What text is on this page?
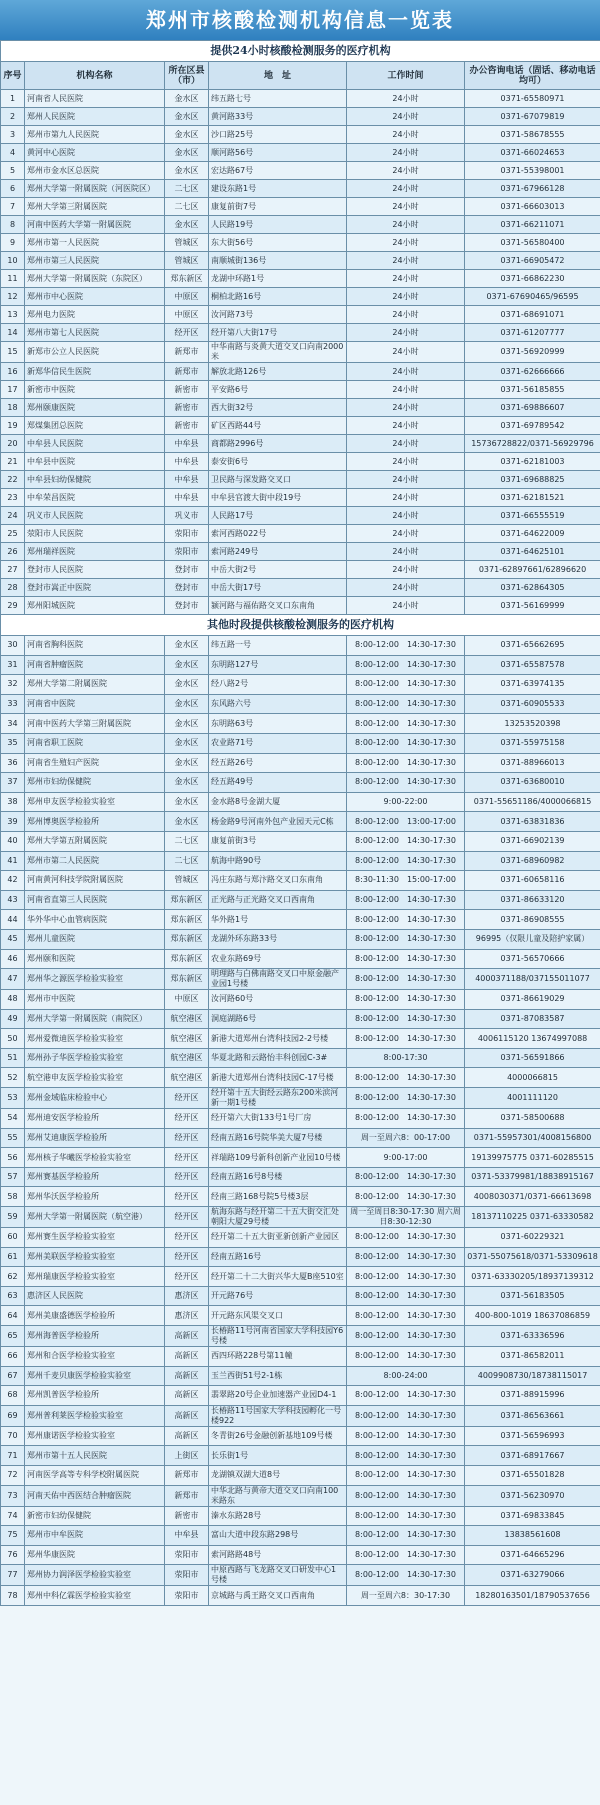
郑州市核酸检测机构信息一览表
提供24小时核酸检测服务的医疗机构					
序号	机构名称	所在区县（市）	地　址	工作时间	办公咨询电话（固话、移动电话均可）
1	河南省人民医院	金水区	纬五路七号	24小时	0371-65580971
2	郑州人民医院	金水区	黄河路33号	24小时	0371-67079819
3	郑州市第九人民医院	金水区	沙口路25号	24小时	0371-58678555
4	黄河中心医院	金水区	顺河路56号	24小时	0371-66024653
5	郑州市金水区总医院	金水区	宏达路67号	24小时	0371-55398001
6	郑州大学第一附属医院（河医院区）	二七区	建设东路1号	24小时	0371-67966128
7	郑州大学第三附属医院	二七区	康复前街7号	24小时	0371-66603013
8	河南中医药大学第一附属医院	金水区	人民路19号	24小时	0371-66211071
9	郑州市第一人民医院	管城区	东大街56号	24小时	0371-56580400
10	郑州市第三人民医院	管城区	南顺城街136号	24小时	0371-66905472
11	郑州大学第一附属医院（东院区）	郑东新区	龙湖中环路1号	24小时	0371-66862230
12	郑州市中心医院	中原区	桐柏北路16号	24小时	0371-67690465/96595
13	郑州电力医院	中原区	汝河路73号	24小时	0371-68691071
14	郑州市第七人民医院	经开区	经开第八大街17号	24小时	0371-61207777
15	新郑市公立人民医院	新郑市	中华南路与炎黄大道交叉口向南2000米	24小时	0371-56920999
16	新郑华信民生医院	新郑市	解放北路126号	24小时	0371-62666666
17	新密市中医院	新密市	平安路6号	24小时	0371-56185855
18	郑州颐康医院	新密市	西大街32号	24小时	0371-69886607
19	郑煤集团总医院	新密市	矿区西路44号	24小时	0371-69789542
20	中牟县人民医院	中牟县	商都路2996号	24小时	15736728822/0371-56929796
21	中牟县中医院	中牟县	泰安街6号	24小时	0371-62181003
22	中牟县妇幼保健院	中牟县	卫民路与深发路交叉口	24小时	0371-69688825
23	中牟荣昌医院	中牟县	中牟县官渡大街中段19号	24小时	0371-62181521
24	巩义市人民医院	巩义市	人民路17号	24小时	0371-66555519
25	荥阳市人民医院	荥阳市	索河西路022号	24小时	0371-64622009
26	郑州瑞祥医院	荥阳市	索河路249号	24小时	0371-64625101
27	登封市人民医院	登封市	中岳大街2号	24小时	0371-62897661/62896620
28	登封市嵩正中医院	登封市	中岳大街17号	24小时	0371-62864305
29	郑州阳城医院	登封市	颍河路与福佑路交叉口东南角	24小时	0371-56169999
其他时段提供核酸检测服务的医疗机构					
30	河南省胸科医院	金水区	纬五路一号	8:00-12:00　14:30-17:30	0371-65662695
31	河南省肿瘤医院	金水区	东明路127号	8:00-12:00　14:30-17:30	0371-65587578
32	郑州大学第二附属医院	金水区	经八路2号	8:00-12:00　14:30-17:30	0371-63974135
33	河南省中医院	金水区	东风路六号	8:00-12:00　14:30-17:30	0371-60905533
34	河南中医药大学第三附属医院	金水区	东明路63号	8:00-12:00　14:30-17:30	13253520398
35	河南省职工医院	金水区	农业路71号	8:00-12:00　14:30-17:30	0371-55975158
36	河南省生殖妇产医院	金水区	经五路26号	8:00-12:00　14:30-17:30	0371-88966013
37	郑州市妇幼保健院	金水区	经五路49号	8:00-12:00　14:30-17:30	0371-63680010
38	郑州申友医学检验实验室	金水区	金水路8号金湖大厦	9:00-22:00	0371-55651186/4000066815
39	郑州博奥医学检验所	金水区	杨金路9号河南外包产业园天元C栋	8:00-12:00　13:00-17:00	0371-63831836
40	郑州大学第五附属医院	二七区	康复前街3号	8:00-12:00　14:30-17:30	0371-66902139
41	郑州市第二人民医院	二七区	航海中路90号	8:00-12:00　14:30-17:30	0371-68960982
42	河南黄河科技学院附属医院	管城区	冯庄东路与郑汴路交叉口东南角	8:30-11:30　15:00-17:00	0371-60658116
43	河南省直第三人民医院	郑东新区	正光路与正光路交叉口西南角	8:00-12:00　14:30-17:30	0371-86633120
44	华外华中心血管病医院	郑东新区	华外路1号	8:00-12:00　14:30-17:30	0371-86908555
45	郑州儿童医院	郑东新区	龙湖外环东路33号	8:00-12:00　14:30-17:30	96995（仅限儿童及陪护家属）
46	郑州颐和医院	郑东新区	农业东路69号	8:00-12:00　14:30-17:30	0371-56570666
47	郑州华之源医学检验实验室	郑东新区	明理路与白佛南路交叉口中原金融产业园1号楼	8:00-12:00　14:30-17:30	4000371188/037155011077
48	郑州市中医院	中原区	汝河路60号	8:00-12:00　14:30-17:30	0371-86619029
49	郑州大学第一附属医院（南院区）	航空港区	洞庭湖路6号	8:00-12:00　14:30-17:30	0371-87083587
50	郑州爱微迪医学检验实验室	航空港区	新港大道郑州台湾科技园2-2号楼	8:00-12:00　14:30-17:30	4006115120 13674997088
51	郑州孙子华医学检验实验室	航空港区	华夏北路和云路怡丰科创园C-3#	8:00-17:30	0371-56591866
52	航空港申友医学检验实验室	航空港区	新港大道郑州台湾科技园C-17号楼	8:00-12:00　14:30-17:30	4000066815
53	郑州金域临床检验中心	经开区	经开第十五大街经云路东200米滨河新一期1号楼	8:00-12:00　14:30-17:30	4001111120
54	郑州迪安医学检验所	经开区	经开第六大街133号1号厂房	8:00-12:00　14:30-17:30	0371-58500688
55	郑州艾迪康医学检验所	经开区	经南五路16号院华美大厦7号楼	周一至周六8：00-17:00	0371-55957301/4008156800
56	郑州核子华曦医学检验实验室	经开区	祥瑞路109号新科创新产业园10号楼	9:00-17:00	19139975775 0371-60285515
57	郑州赛基医学检验所	经开区	经南五路16号8号楼	8:00-12:00　14:30-17:30	0371-53379981/18838915167
58	郑州华沃医学检验所	经开区	经南三路168号院5号楼3层	8:00-12:00　14:30-17:30	4008030371/0371-66613698
59	郑州大学第一附属医院（航空港）	经开区	航海东路与经开第二十五大街交汇处朝阳大厦29号楼	周一至周日8:30-17:30 周六周日8:30-12:30	18137110225 0371-63330582
60	郑州赛生医学检验实验室	经开区	经开第二十五大街亚新创新产业园区	8:00-12:00　14:30-17:30	0371-60229321
61	郑州美联医学检验实验室	经开区	经南五路16号	8:00-12:00　14:30-17:30	0371-55075618/0371-53309618
62	郑州瑞康医学检验实验室	经开区	经开第二十二大街兴华大厦B座510室	8:00-12:00　14:30-17:30	0371-63330205/18937139312
63	惠济区人民医院	惠济区	开元路76号	8:00-12:00　14:30-17:30	0371-56183505
64	郑州美康盛德医学检验所	惠济区	开元路东风渠交叉口	8:00-12:00　14:30-17:30	400-800-1019 18637086859
65	郑州海普医学检验所	高新区	长椿路11号河南省国家大学科技园Y6号楼	8:00-12:00　14:30-17:30	0371-63336596
66	郑州和合医学检验实验室	高新区	西四环路228号第11幢	8:00-12:00　14:30-17:30	0371-86582011
67	郑州千麦贝康医学检验实验室	高新区	玉兰西街51号2-1栋	8:00-24:00	4009908730/18738115017
68	郑州凯普医学检验所	高新区	翡翠路20号企业加速器产业园D4-1	8:00-12:00　14:30-17:30	0371-88915996
69	郑州普利莱医学检验实验室	高新区	长椿路11号国家大学科技园孵化一号楼922	8:00-12:00　14:30-17:30	0371-86563661
70	郑州康诺医学检验实验室	高新区	冬青街26号金融创新基地109号楼	8:00-12:00　14:30-17:30	0371-56596993
71	郑州市第十五人民医院	上街区	长乐街1号	8:00-12:00　14:30-17:30	0371-68917667
72	河南医学高等专科学校附属医院	新郑市	龙湖镇双湖大道8号	8:00-12:00　14:30-17:30	0371-65501828
73	河南天佑中西医结合肿瘤医院	新郑市	中华北路与黄帝大道交叉口向南100米路东	8:00-12:00　14:30-17:30	0371-56230970
74	新密市妇幼保健院	新密市	溱水东路28号	8:00-12:00　14:30-17:30	0371-69833845
75	郑州市中牟医院	中牟县	富山大道中段东路298号	8:00-12:00　14:30-17:30	13838561608
76	郑州华康医院	荥阳市	索河路路48号	8:00-12:00　14:30-17:30	0371-64665296
77	郑州协力润泽医学检验实验室	荥阳市	中原西路与飞龙路交叉口研发中心1号楼	8:00-12:00　14:30-17:30	0371-63279066
78	郑州中科亿霖医学检验实验室	荥阳市	京城路与禹王路交叉口西南角	周一至周六8：30-17:30	18280163501/18790537656
